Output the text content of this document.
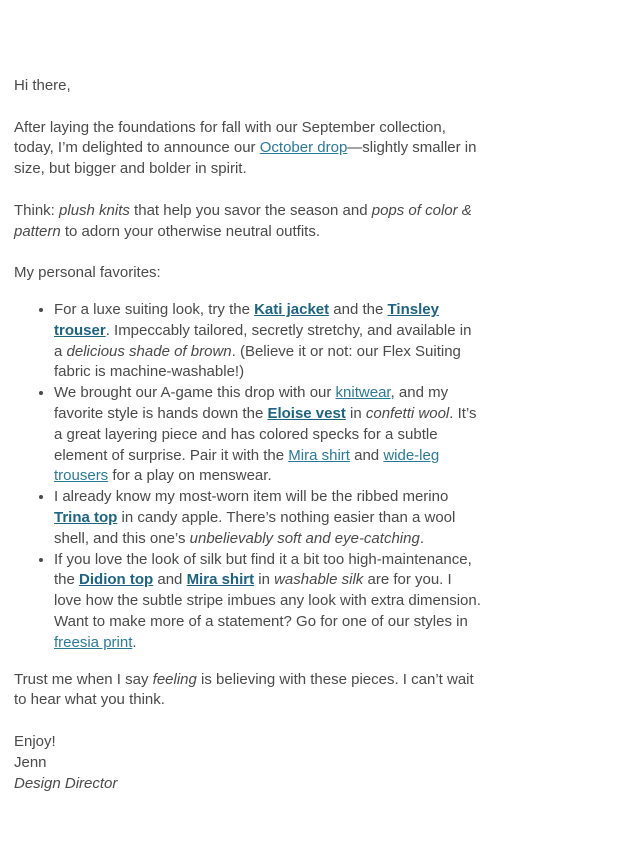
Hi there,

After laying the foundations for fall with our September collection, today, I’m delighted to announce our October drop—slightly smaller in size, but bigger and bolder in spirit.

Think: plush knits that help you savor the season and pops of color & pattern to adorn your otherwise neutral outfits.

My personal favorites:

• For a luxe suiting look, try the Kati jacket and the Tinsley trouser. Impeccably tailored, secretly stretchy, and available in a delicious shade of brown. (Believe it or not: our Flex Suiting fabric is machine-washable!)
• We brought our A-game this drop with our knitwear, and my favorite style is hands down the Eloise vest in confetti wool. It’s a great layering piece and has colored specks for a subtle element of surprise. Pair it with the Mira shirt and wide-leg trousers for a play on menswear.
• I already know my most-worn item will be the ribbed merino Trina top in candy apple. There’s nothing easier than a wool shell, and this one’s unbelievably soft and eye-catching.
• If you love the look of silk but find it a bit too high-maintenance, the Didion top and Mira shirt in washable silk are for you. I love how the subtle stripe imbues any look with extra dimension. Want to make more of a statement? Go for one of our styles in freesia print.

Trust me when I say feeling is believing with these pieces. I can’t wait to hear what you think.

Enjoy!
Jenn
Design Director
